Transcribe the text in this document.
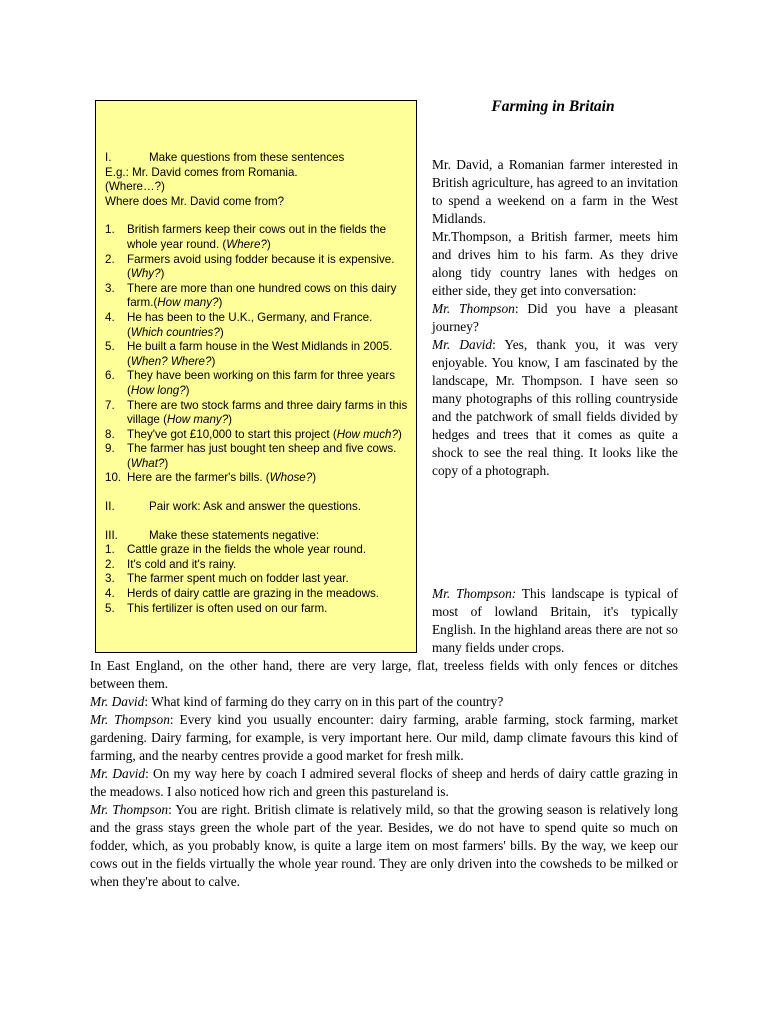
I.	Make questions from these sentences
E.g.: Mr. David comes from Romania.
(Where…?)
Where does Mr. David come from?
1.	British farmers keep their cows out in the fields the whole year round. (Where?)
2.	Farmers avoid using fodder because it is expensive. (Why?)
3.	There are more than one hundred cows on this dairy farm.(How many?)
4.	He has been to the U.K., Germany, and France. (Which countries?)
5.	He built a farm house in the West Midlands in 2005. (When? Where?)
6.	They have been working on this farm for three years (How long?)
7.	There are two stock farms and three dairy farms in this village (How many?)
8.	They've got £10,000 to start this project (How much?)
9.	The farmer has just bought ten sheep and five cows. (What?)
10. Here are the farmer's bills. (Whose?)
II.	Pair work: Ask and answer the questions.
III.	Make these statements negative:
1.	Cattle graze in the fields the whole year round.
2.	It's cold and it's rainy.
3.	The farmer spent much on fodder last year.
4.	Herds of dairy cattle are grazing in the meadows.
5.	This fertilizer is often used on our farm.
Farming in Britain

Mr. David, a Romanian farmer interested in British agriculture, has agreed to an invitation to spend a weekend on a farm in the West Midlands.

Mr.Thompson, a British farmer, meets him and drives him to his farm. As they drive along tidy country lanes with hedges on either side, they get into conversation:

Mr. Thompson: Did you have a pleasant journey?

Mr. David: Yes, thank you, it was very enjoyable. You know, I am fascinated by the landscape, Mr. Thompson. I have seen so many photographs of this rolling countryside and the patchwork of small fields divided by hedges and trees that it comes as quite a shock to see the real thing. It looks like the copy of a photograph.

Mr. Thompson: This landscape is typical of most of lowland Britain, it's typically English. In the highland areas there are not so many fields under crops.

In East England, on the other hand, there are very large, flat, treeless fields with only fences or ditches between them.

Mr. David: What kind of farming do they carry on in this part of the country?

Mr. Thompson: Every kind you usually encounter: dairy farming, arable farming, stock farming, market gardening. Dairy farming, for example, is very important here. Our mild, damp climate favours this kind of farming, and the nearby centres provide a good market for fresh milk.

Mr. David: On my way here by coach I admired several flocks of sheep and herds of dairy cattle grazing in the meadows. I also noticed how rich and green this pastureland is.

Mr. Thompson: You are right. British climate is relatively mild, so that the growing season is relatively long and the grass stays green the whole part of the year. Besides, we do not have to spend quite so much on fodder, which, as you probably know, is quite a large item on most farmers' bills. By the way, we keep our cows out in the fields virtually the whole year round. They are only driven into the cowsheds to be milked or when they're about to calve.
